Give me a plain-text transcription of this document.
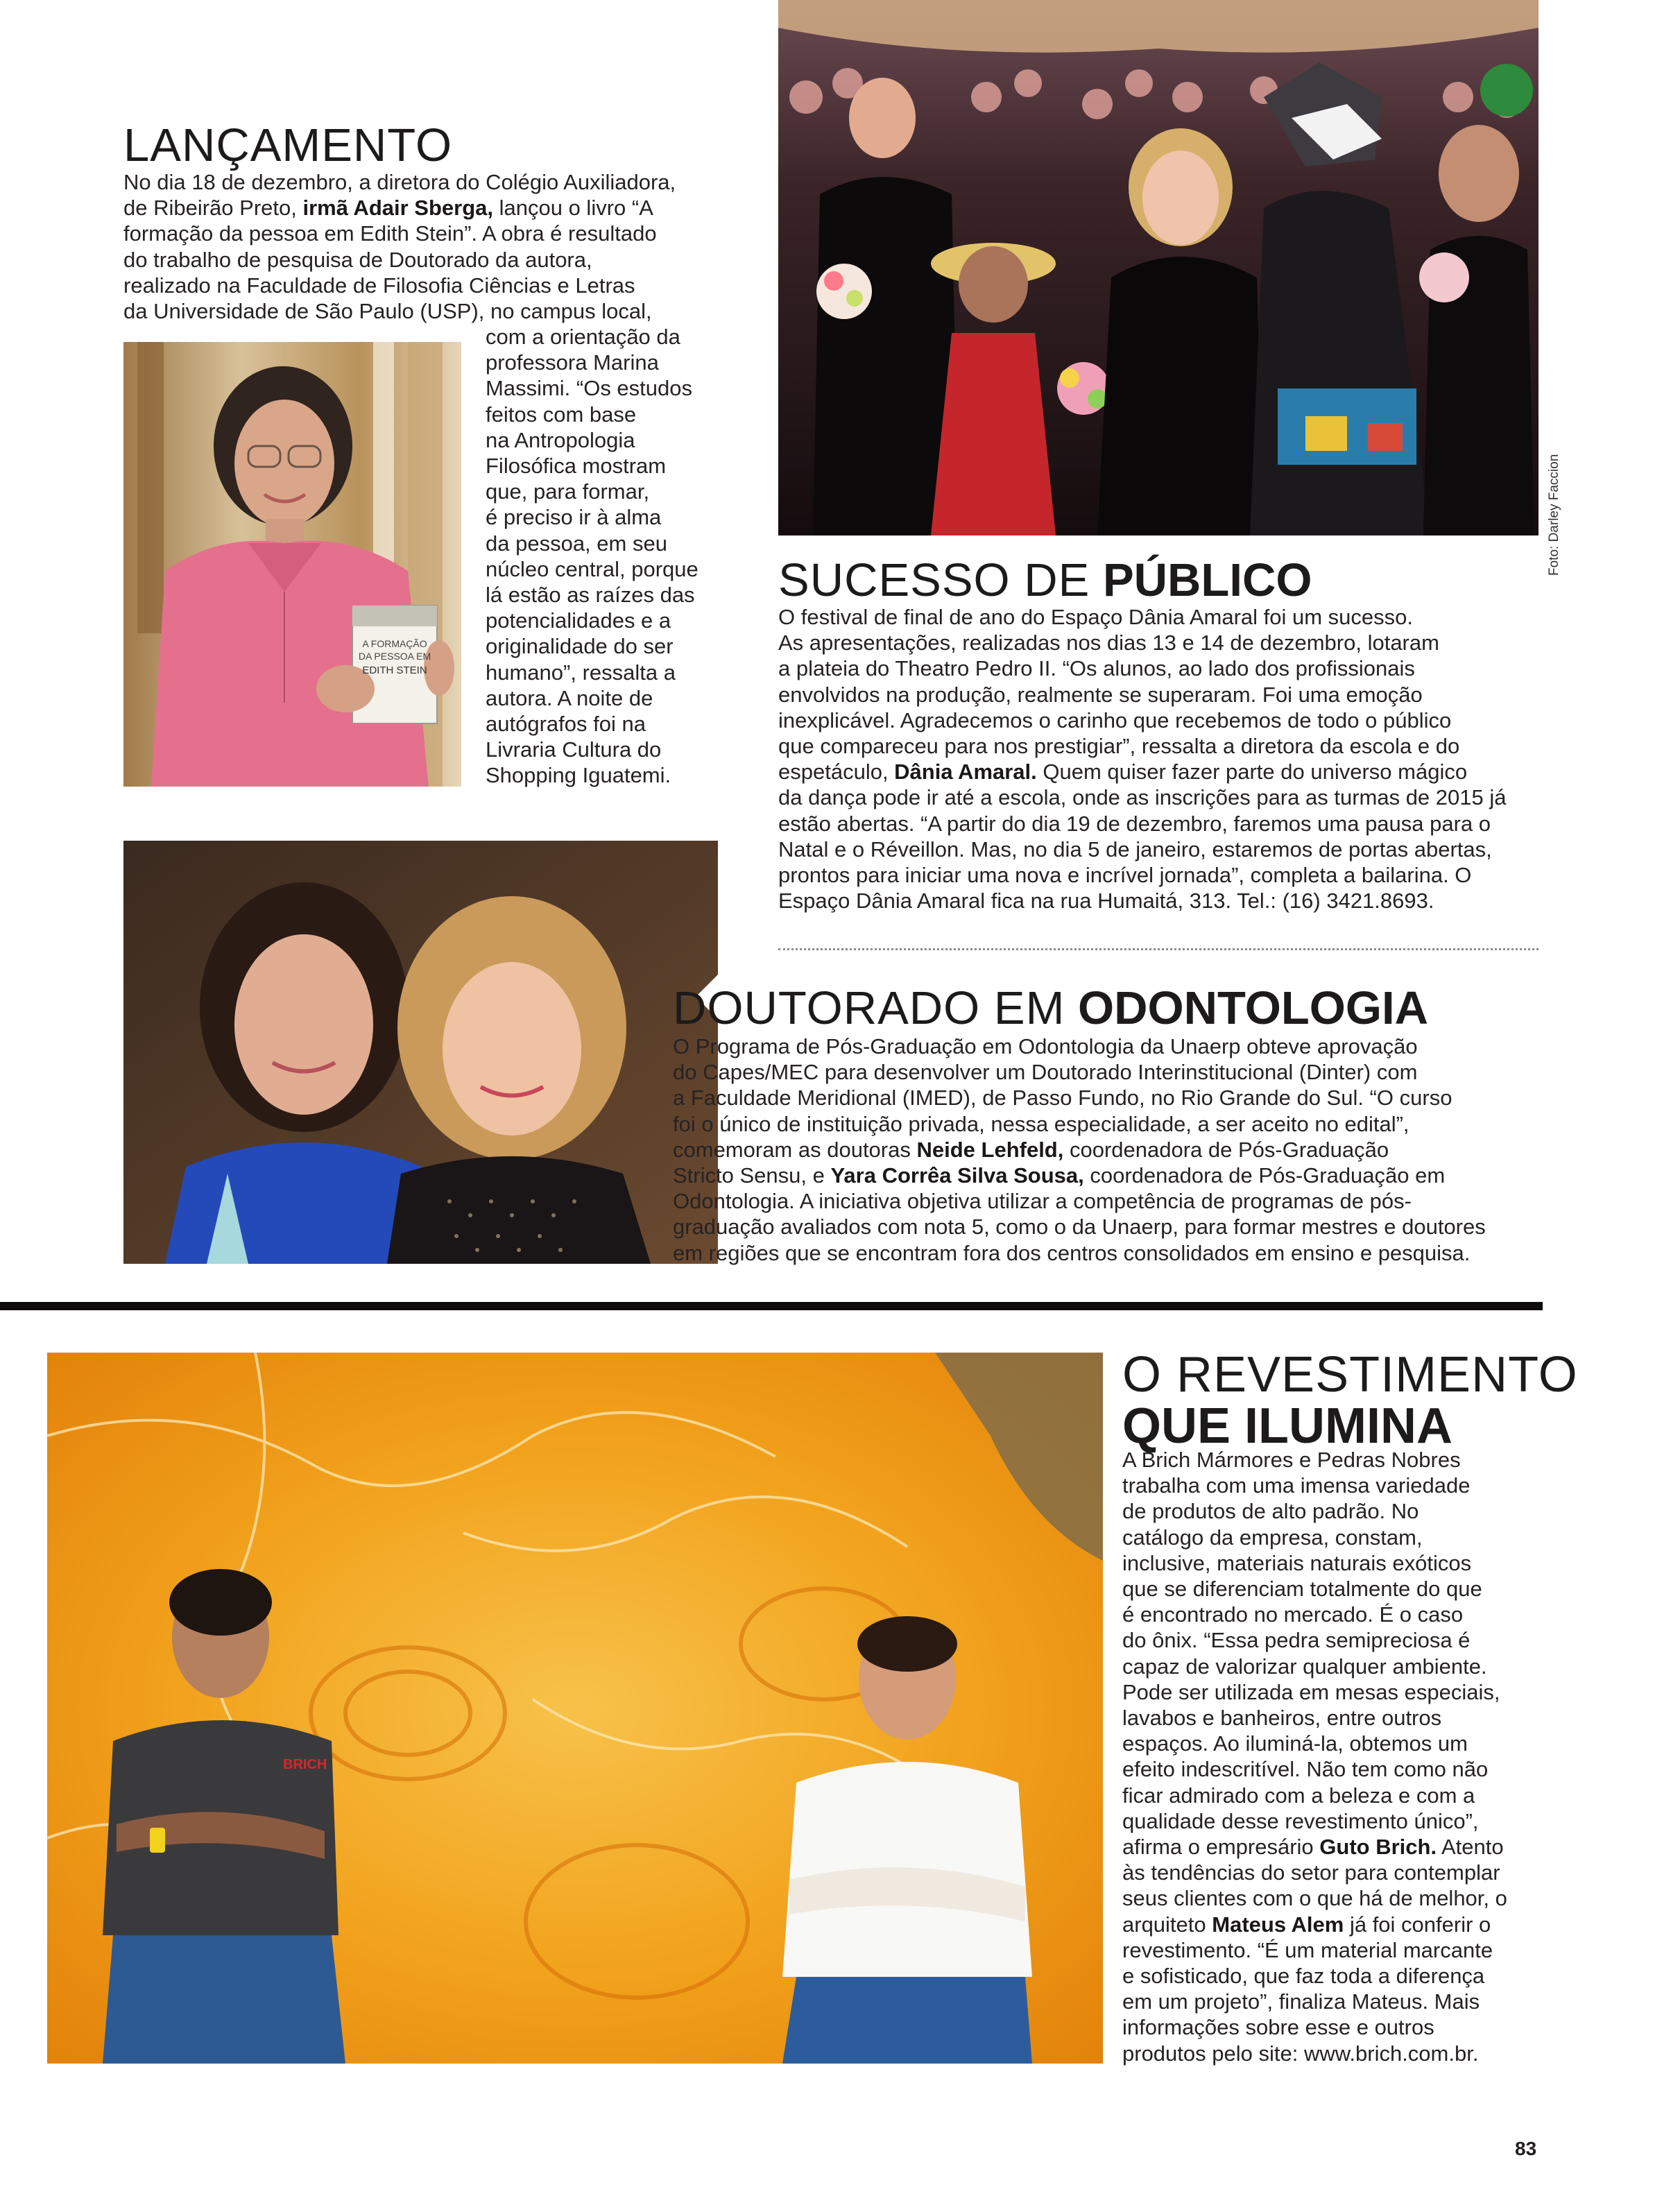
LANÇAMENTO
No dia 18 de dezembro, a diretora do Colégio Auxiliadora,
de Ribeirão Preto, irmã Adair Sberga, lançou o livro “A
formação da pessoa em Edith Stein”. A obra é resultado
do trabalho de pesquisa de Doutorado da autora,
realizado na Faculdade de Filosofia Ciências e Letras
da Universidade de São Paulo (USP), no campus local,
com a orientação da
professora Marina
Massimi. “Os estudos
feitos com base
na Antropologia
Filosófica mostram
que, para formar,
é preciso ir à alma
da pessoa, em seu
núcleo central, porque
lá estão as raízes das
potencialidades e a
originalidade do ser
humano”, ressalta a
autora. A noite de
autógrafos foi na
Livraria Cultura do
Shopping Iguatemi.
A FORMAÇÃO
DA PESSOA EM
EDITH STEIN
Foto: Darley Faccion
SUCESSO DE PÚBLICO
O festival de final de ano do Espaço Dânia Amaral foi um sucesso.
As apresentações, realizadas nos dias 13 e 14 de dezembro, lotaram
a plateia do Theatro Pedro II. “Os alunos, ao lado dos profissionais
envolvidos na produção, realmente se superaram. Foi uma emoção
inexplicável. Agradecemos o carinho que recebemos de todo o público
que compareceu para nos prestigiar”, ressalta a diretora da escola e do
espetáculo, Dânia Amaral. Quem quiser fazer parte do universo mágico
da dança pode ir até a escola, onde as inscrições para as turmas de 2015 já
estão abertas. “A partir do dia 19 de dezembro, faremos uma pausa para o
Natal e o Réveillon. Mas, no dia 5 de janeiro, estaremos de portas abertas,
prontos para iniciar uma nova e incrível jornada”, completa a bailarina. O
Espaço Dânia Amaral fica na rua Humaitá, 313. Tel.: (16) 3421.8693.
DOUTORADO EM ODONTOLOGIA
O Programa de Pós-Graduação em Odontologia da Unaerp obteve aprovação
do Capes/MEC para desenvolver um Doutorado Interinstitucional (Dinter) com
a Faculdade Meridional (IMED), de Passo Fundo, no Rio Grande do Sul. “O curso
foi o único de instituição privada, nessa especialidade, a ser aceito no edital”,
comemoram as doutoras Neide Lehfeld, coordenadora de Pós-Graduação
Stricto Sensu, e Yara Corrêa Silva Sousa, coordenadora de Pós-Graduação em
Odontologia. A iniciativa objetiva utilizar a competência de programas de pós-
graduação avaliados com nota 5, como o da Unaerp, para formar mestres e doutores
em regiões que se encontram fora dos centros consolidados em ensino e pesquisa.
BRICH
O REVESTIMENTO
QUE ILUMINA
A Brich Mármores e Pedras Nobres
trabalha com uma imensa variedade
de produtos de alto padrão. No
catálogo da empresa, constam,
inclusive, materiais naturais exóticos
que se diferenciam totalmente do que
é encontrado no mercado. É o caso
do ônix. “Essa pedra semipreciosa é
capaz de valorizar qualquer ambiente.
Pode ser utilizada em mesas especiais,
lavabos e banheiros, entre outros
espaços. Ao iluminá-la, obtemos um
efeito indescritível. Não tem como não
ficar admirado com a beleza e com a
qualidade desse revestimento único”,
afirma o empresário Guto Brich. Atento
às tendências do setor para contemplar
seus clientes com o que há de melhor, o
arquiteto Mateus Alem já foi conferir o
revestimento. “É um material marcante
e sofisticado, que faz toda a diferença
em um projeto”, finaliza Mateus. Mais
informações sobre esse e outros
produtos pelo site: www.brich.com.br.
83
